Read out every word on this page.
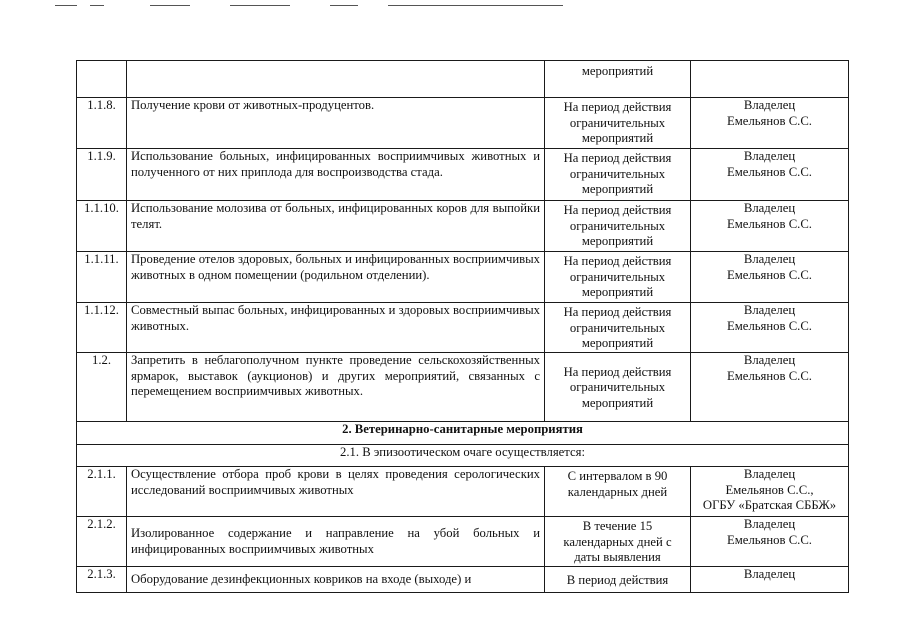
		мероприятий	
1.1.8.	Получение крови от животных-продуцентов.	На период действия
ограничительных
мероприятий	Владелец
Емельянов С.С.

1.1.9.	Использование больных, инфицированных восприимчивых животных и полученного от них приплода для воспроизводства стада.	На период действия
ограничительных
мероприятий	Владелец
Емельянов С.С.

1.1.10.	Использование молозива от больных, инфицированных коров для выпойки телят.	На период действия
ограничительных
мероприятий	Владелец
Емельянов С.С.

1.1.11.	Проведение отелов здоровых, больных и инфицированных восприимчивых животных в одном помещении (родильном отделении).	На период действия
ограничительных
мероприятий	Владелец
Емельянов С.С.

1.1.12.	Совместный выпас больных, инфицированных и здоровых восприимчивых животных.	На период действия
ограничительных
мероприятий	Владелец
Емельянов С.С.

1.2.	Запретить в неблагополучном пункте проведение сельскохозяйственных ярмарок, выставок (аукционов) и других мероприятий, связанных с перемещением восприимчивых животных.	На период действия
ограничительных
мероприятий	Владелец
Емельянов С.С.

2. Ветеринарно-санитарные мероприятия			
2.1. В эпизоотическом очаге осуществляется:			
2.1.1.	Осуществление отбора проб крови в целях проведения серологических исследований восприимчивых животных	С интервалом в 90
календарных дней	Владелец
Емельянов С.С.,
ОГБУ «Братская СББЖ»

2.1.2.	Изолированное содержание и направление на убой больных и инфицированных восприимчивых животных	В течение 15
календарных дней с
даты выявления	Владелец
Емельянов С.С.

2.1.3.	Оборудование дезинфекционных ковриков на входе (выходе) и	В период действия	Владелец
